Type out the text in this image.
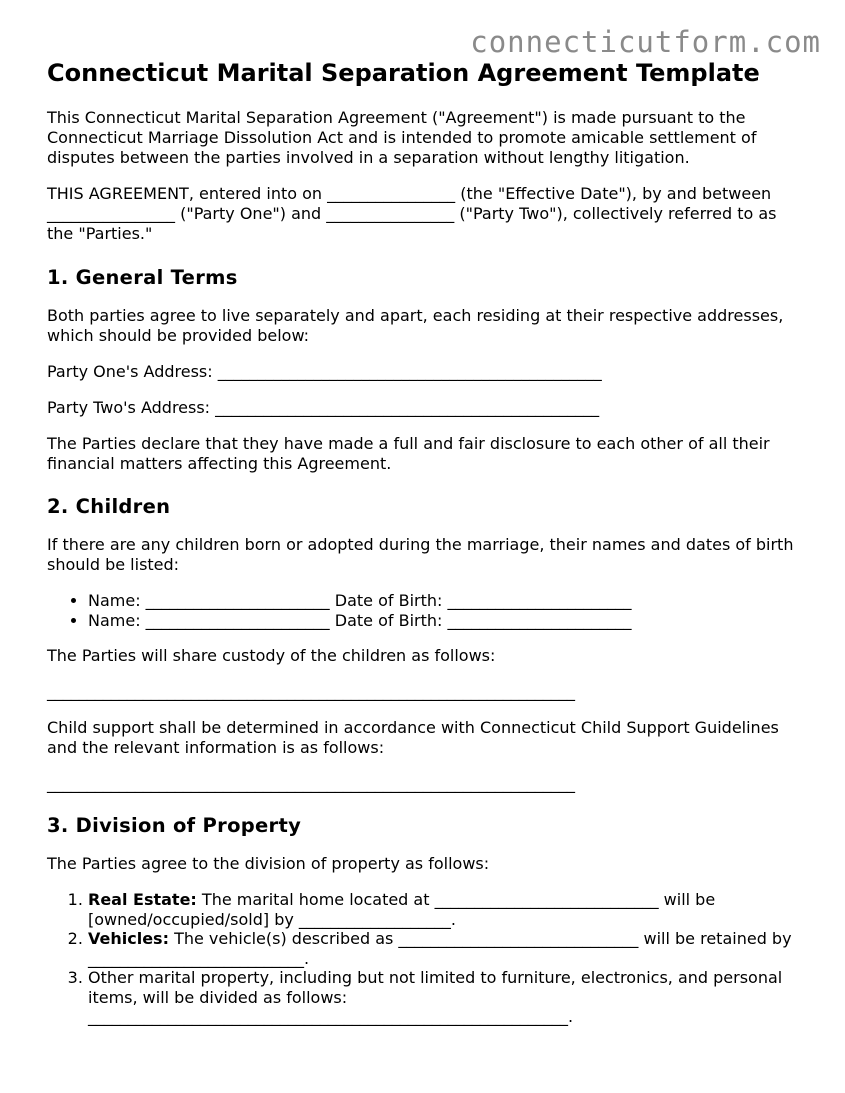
connecticutform.com
Connecticut Marital Separation Agreement Template

This Connecticut Marital Separation Agreement ("Agreement") is made pursuant to the Connecticut Marriage Dissolution Act and is intended to promote amicable settlement of disputes between the parties involved in a separation without lengthy litigation.

THIS AGREEMENT, entered into on ________________ (the "Effective Date"), by and between ________________ ("Party One") and ________________ ("Party Two"), collectively referred to as the "Parties."

1. General Terms

Both parties agree to live separately and apart, each residing at their respective addresses, which should be provided below:

Party One's Address: ________________________________________________

Party Two's Address: ________________________________________________

The Parties declare that they have made a full and fair disclosure to each other of all their financial matters affecting this Agreement.

2. Children

If there are any children born or adopted during the marriage, their names and dates of birth should be listed:

• Name: _______________________ Date of Birth: _______________________
• Name: _______________________ Date of Birth: _______________________

The Parties will share custody of the children as follows:

__________________________________________________________________

Child support shall be determined in accordance with Connecticut Child Support Guidelines and the relevant information is as follows:

__________________________________________________________________

3. Division of Property

The Parties agree to the division of property as follows:

1. Real Estate: The marital home located at ____________________________ will be [owned/occupied/sold] by ___________________.
2. Vehicles: The vehicle(s) described as ______________________________ will be retained by ___________________________.
3. Other marital property, including but not limited to furniture, electronics, and personal items, will be divided as follows: ____________________________________________________________.
